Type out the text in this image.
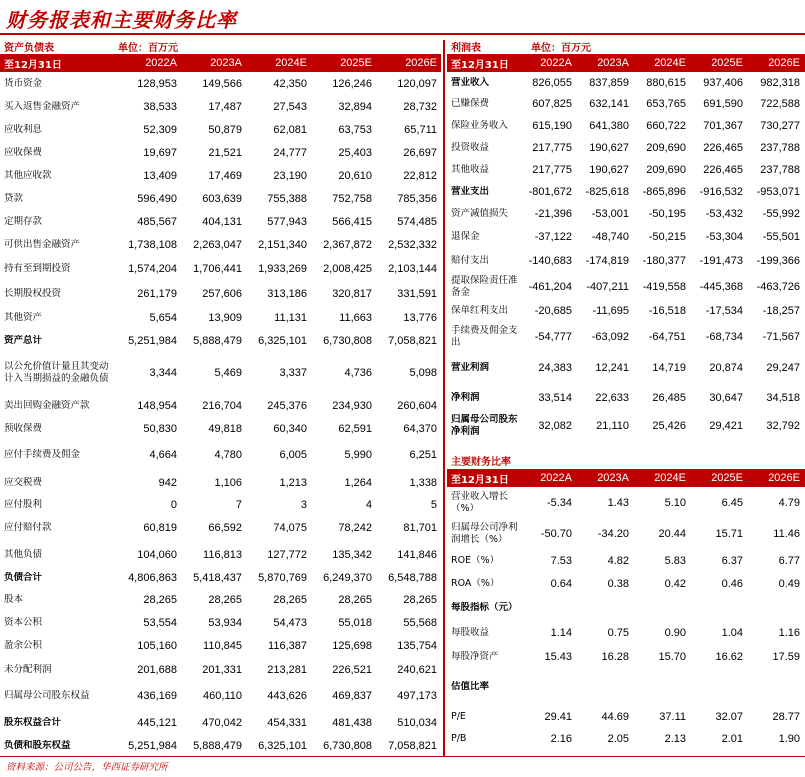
财务报表和主要财务比率
资产负债表	单位：百万元
至12月31日	2022A	2023A	2024E	2025E	2026E
货币资金	128,953	149,566	42,350	126,246	120,097
买入返售金融资产	38,533	17,487	27,543	32,894	28,732
应收利息	52,309	50,879	62,081	63,753	65,711
应收保费	19,697	21,521	24,777	25,403	26,697
其他应收款	13,409	17,469	23,190	20,610	22,812
贷款	596,490	603,639	755,388	752,758	785,356
定期存款	485,567	404,131	577,943	566,415	574,485
可供出售金融资产	1,738,108	2,263,047	2,151,340	2,367,872	2,532,332
持有至到期投资	1,574,204	1,706,441	1,933,269	2,008,425	2,103,144
长期股权投资	261,179	257,606	313,186	320,817	331,591
其他资产	5,654	13,909	11,131	11,663	13,776
资产总计	5,251,984	5,888,479	6,325,101	6,730,808	7,058,821
以公允价值计量且其变动计入当期损益的金融负债	3,344	5,469	3,337	4,736	5,098
卖出回购金融资产款	148,954	216,704	245,376	234,930	260,604
预收保费	50,830	49,818	60,340	62,591	64,370
应付手续费及佣金	4,664	4,780	6,005	5,990	6,251
应交税费	942	1,106	1,213	1,264	1,338
应付股利	0	7	3	4	5
应付赔付款	60,819	66,592	74,075	78,242	81,701
其他负债	104,060	116,813	127,772	135,342	141,846
负债合计	4,806,863	5,418,437	5,870,769	6,249,370	6,548,788
股本	28,265	28,265	28,265	28,265	28,265
资本公积	53,554	53,934	54,473	55,018	55,568
盈余公积	105,160	110,845	116,387	125,698	135,754
未分配利润	201,688	201,331	213,281	226,521	240,621
归属母公司股东权益	436,169	460,110	443,626	469,837	497,173
股东权益合计	445,121	470,042	454,331	481,438	510,034
负债和股东权益	5,251,984	5,888,479	6,325,101	6,730,808	7,058,821
利润表	单位：百万元
至12月31日	2022A	2023A	2024E	2025E	2026E
营业收入	826,055	837,859	880,615	937,406	982,318
已赚保费	607,825	632,141	653,765	691,590	722,588
保险业务收入	615,190	641,380	660,722	701,367	730,277
投资收益	217,775	190,627	209,690	226,465	237,788
其他收益	217,775	190,627	209,690	226,465	237,788
营业支出	-801,672	-825,618	-865,896	-916,532	-953,071
资产减值损失	-21,396	-53,001	-50,195	-53,432	-55,992
退保金	-37,122	-48,740	-50,215	-53,304	-55,501
赔付支出	-140,683	-174,819	-180,377	-191,473	-199,366
提取保险责任准备金	-461,204	-407,211	-419,558	-445,368	-463,726
保单红利支出	-20,685	-11,695	-16,518	-17,534	-18,257
手续费及佣金支出	-54,777	-63,092	-64,751	-68,734	-71,567
营业利润	24,383	12,241	14,719	20,874	29,247
净利润	33,514	22,633	26,485	30,647	34,518
归属母公司股东净利润	32,082	21,110	25,426	29,421	32,792
主要财务比率
至12月31日	2022A	2023A	2024E	2025E	2026E
营业收入增长（%）	-5.34	1.43	5.10	6.45	4.79
归属母公司净利润增长（%）	-50.70	-34.20	20.44	15.71	11.46
ROE（%）	7.53	4.82	5.83	6.37	6.77
ROA（%）	0.64	0.38	0.42	0.46	0.49
每股指标（元）
每股收益	1.14	0.75	0.90	1.04	1.16
每股净资产	15.43	16.28	15.70	16.62	17.59
估值比率
P/E	29.41	44.69	37.11	32.07	28.77
P/B	2.16	2.05	2.13	2.01	1.90
资料来源：公司公告，华西证券研究所
